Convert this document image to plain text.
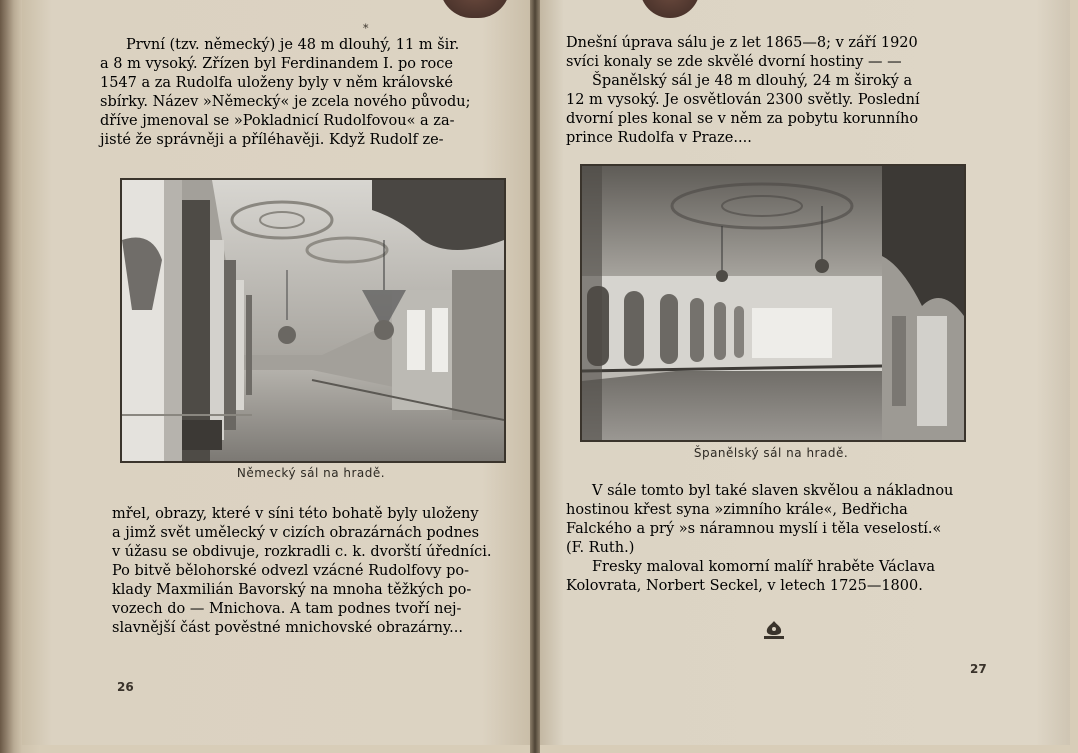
*

První (tzv. německý) je 48 m dlouhý, 11 m šir.

a 8 m vysoký. Zřízen byl Ferdinandem I. po roce

1547 a za Rudolfa uloženy byly v něm královské

sbírky. Název »Německý« je zcela nového původu;

dříve jmenoval se »Pokladnicí Rudolfovou« a za-

jisté že správněji a příléhavěji. Když Rudolf ze-

Německý sál na hradě.

mřel, obrazy, které v síni této bohatě byly uloženy

a jimž svět umělecký v cizích obrazárnách podnes

v úžasu se obdivuje, rozkradli c. k. dvorští úředníci.

Po bitvě bělohorské odvezl vzácné Rudolfovy po-

klady Maxmilián Bavorský na mnoha těžkých po-

vozech do — Mnichova. A tam podnes tvoří nej-

slavnější část pověstné mnichovské obrazárny...

26

Dnešní úprava sálu je z let 1865—8; v září 1920

svíci konaly se zde skvělé dvorní hostiny — —

Španělský sál je 48 m dlouhý, 24 m široký a

12 m vysoký. Je osvětlován 2300 světly. Poslední

dvorní ples konal se v něm za pobytu korunního

prince Rudolfa v Praze....

Španělský sál na hradě.

V sále tomto byl také slaven skvělou a nákladnou

hostinou křest syna »zimního krále«, Bedřicha

Falckého a prý »s náramnou myslí i těla veselostí.«

(F. Ruth.)

Fresky maloval komorní malíř hraběte Václava

Kolovrata, Norbert Seckel, v letech 1725—1800.

27
